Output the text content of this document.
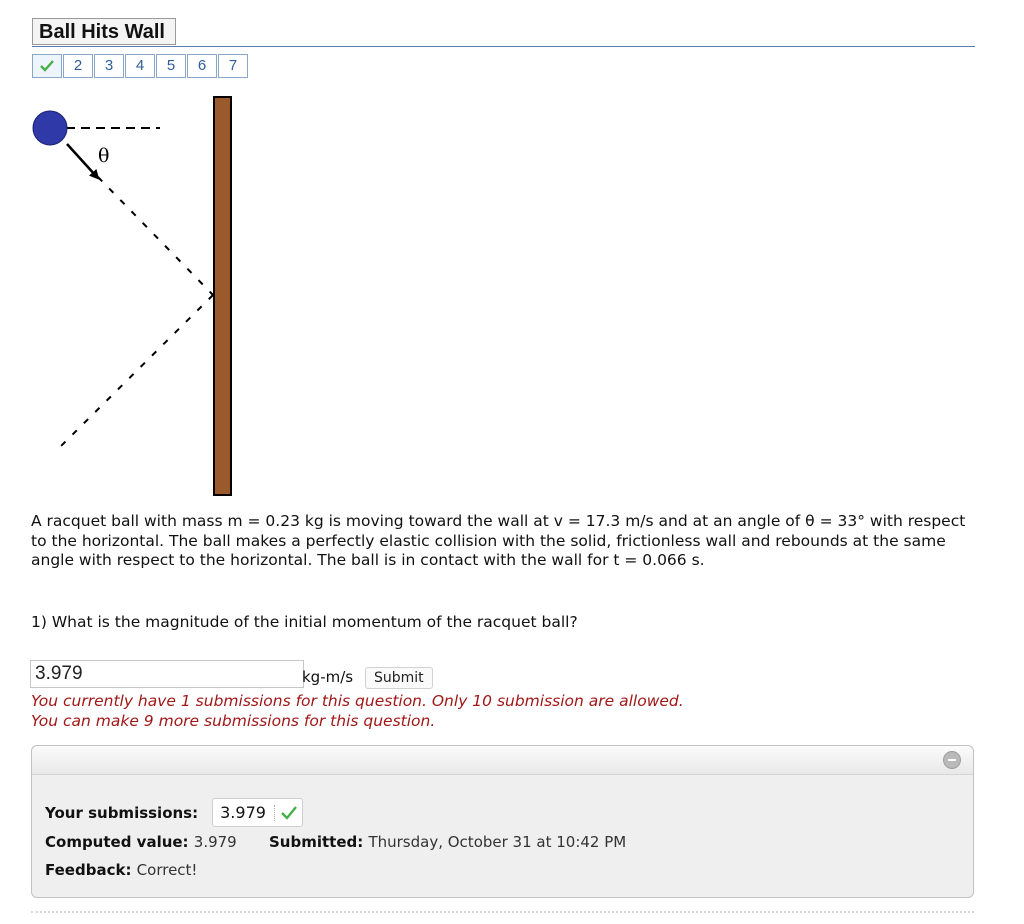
Ball Hits Wall
2	3	4	5	6	7
θ
A racquet ball with mass m = 0.23 kg is moving toward the wall at v = 17.3 m/s and at an angle of θ = 33° with respect to the horizontal. The ball makes a perfectly elastic collision with the solid, frictionless wall and rebounds at the same angle with respect to the horizontal. The ball is in contact with the wall for t = 0.066 s.
1) What is the magnitude of the initial momentum of the racquet ball?
3.979
kg-m/s	Submit
You currently have 1 submissions for this question. Only 10 submission are allowed.
You can make 9 more submissions for this question.
Your submissions: 3.979
Computed value: 3.979 Submitted: Thursday, October 31 at 10:42 PM
Feedback: Correct!
